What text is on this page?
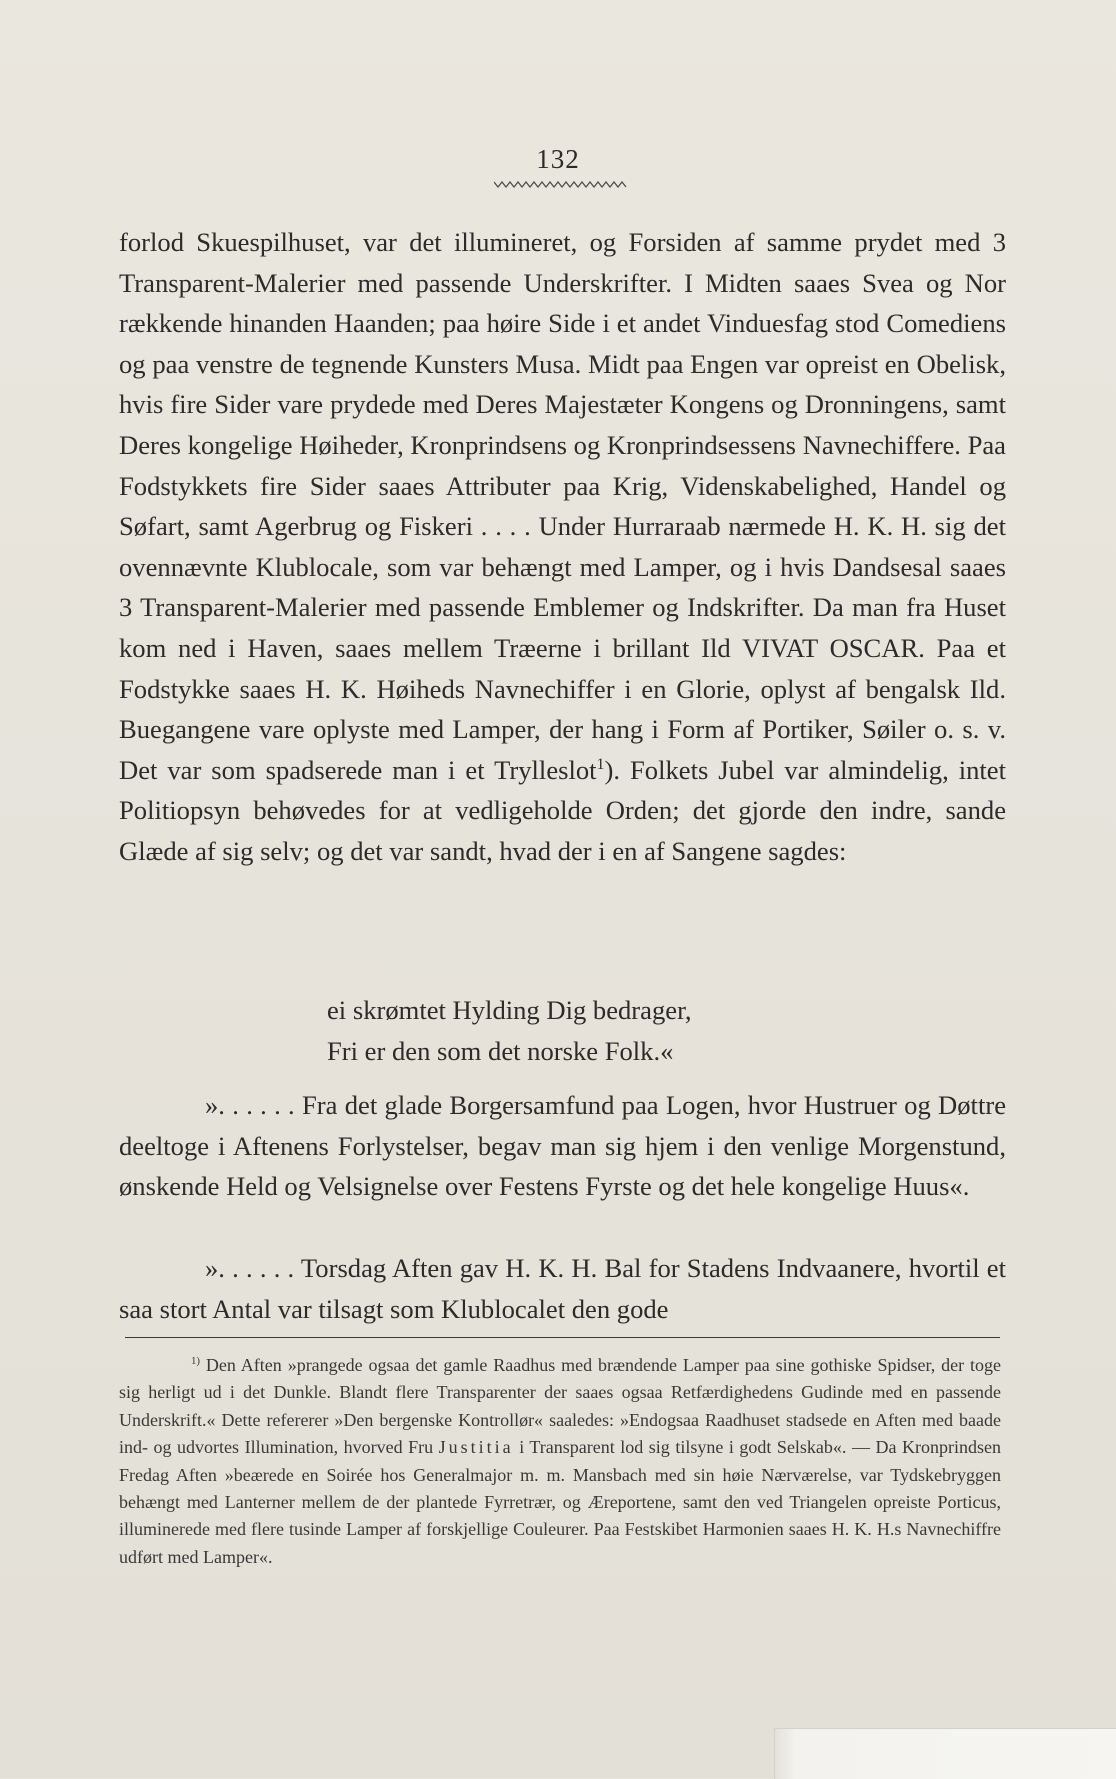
132

forlod Skuespilhuset, var det illumineret, og Forsiden af samme prydet med 3 Transparent-Malerier med passende Underskrifter. I Midten saaes Svea og Nor rækkende hinanden Haanden; paa høire Side i et andet Vinduesfag stod Comediens og paa venstre de tegnende Kunsters Musa. Midt paa Engen var opreist en Obelisk, hvis fire Sider vare prydede med Deres Majestæter Kongens og Dronningens, samt Deres kongelige Høiheder, Kronprindsens og Kronprindsessens Navnechiffere. Paa Fodstykkets fire Sider saaes Attributer paa Krig, Videnskabelighed, Handel og Søfart, samt Agerbrug og Fiskeri . . . . Under Hurraraab nærmede H. K. H. sig det ovennævnte Klublocale, som var behængt med Lamper, og i hvis Dandsesal saaes 3 Transparent-Malerier med passende Emblemer og Indskrifter. Da man fra Huset kom ned i Haven, saaes mellem Træerne i brillant Ild VIVAT OSCAR. Paa et Fodstykke saaes H. K. Høiheds Navnechiffer i en Glorie, oplyst af bengalsk Ild. Buegangene vare oplyste med Lamper, der hang i Form af Portiker, Søiler o. s. v. Det var som spadserede man i et Trylleslot$^1$). Folkets Jubel var almindelig, intet Politiopsyn behøvedes for at vedligeholde Orden; det gjorde den indre, sande Glæde af sig selv; og det var sandt, hvad der i en af Sangene sagdes:

ei skrømtet Hylding Dig bedrager,
Fri er den som det norske Folk.«
». . . . . . Fra det glade Borgersamfund paa Logen, hvor Hustruer og Døttre deeltoge i Aftenens Forlystelser, begav man sig hjem i den venlige Morgenstund, ønskende Held og Velsignelse over Festens Fyrste og det hele kongelige Huus«.
». . . . . . Torsdag Aften gav H. K. H. Bal for Stadens Indvaanere, hvortil et saa stort Antal var tilsagt som Klublocalet den gode
$^{1)}$ Den Aften »prangede ogsaa det gamle Raadhus med brændende Lamper paa sine gothiske Spidser, der toge sig herligt ud i det Dunkle. Blandt flere Transparenter der saaes ogsaa Retfærdighedens Gudinde med en passende Underskrift.« Dette refererer »Den bergenske Kontrollør« saaledes: »Endogsaa Raadhuset stadsede en Aften med baade ind- og udvortes Illumination, hvorved Fru Justitia i Transparent lod sig tilsyne i godt Selskab«. — Da Kronprindsen Fredag Aften »beærede en Soirée hos Generalmajor m. m. Mansbach med sin høie Nærværelse, var Tydskebryggen behængt med Lanterner mellem de der plantede Fyrretrær, og Æreportene, samt den ved Triangelen opreiste Porticus, illuminerede med flere tusinde Lamper af forskjellige Couleurer. Paa Festskibet Harmonien saaes H. K. H.s Navnechiffre udført med Lamper«.
